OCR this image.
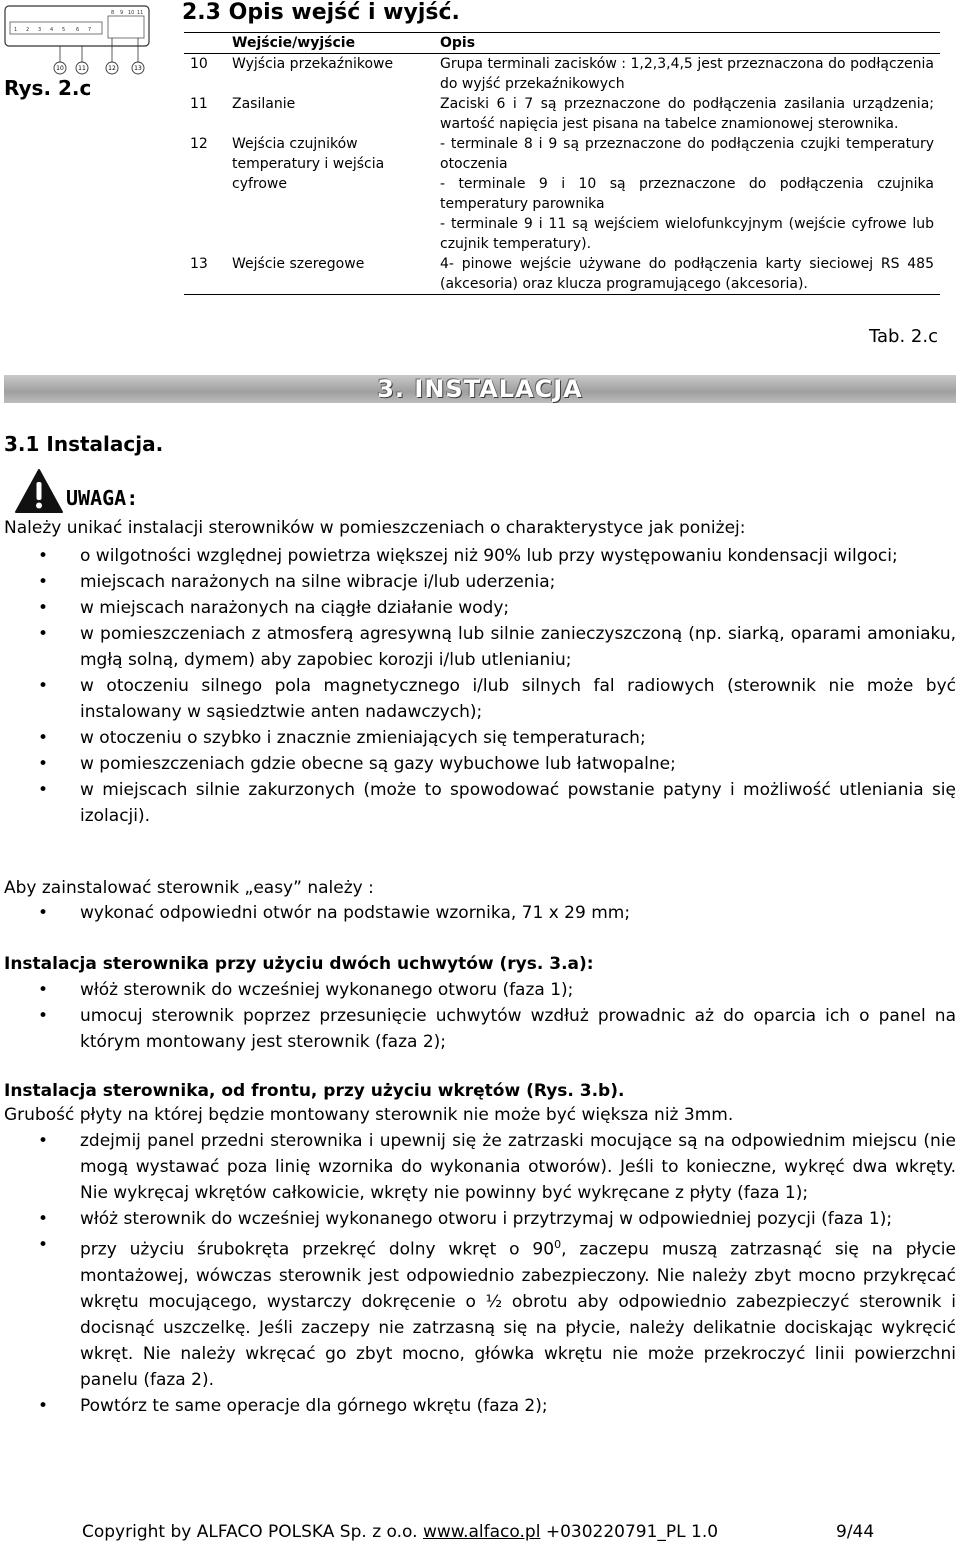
1 2 3 4 5 6 7
8 9 10 11
10 11	12	13
Rys. 2.c
2.3 Opis wejść i wyjść.
	Wejście/wyjście	Opis
10	Wyjścia przekaźnikowe	Grupa terminali zacisków : 1,2,3,4,5 jest przeznaczona do podłączenia do wyjść przekaźnikowych
11	Zasilanie	Zaciski 6 i 7 są przeznaczone do podłączenia zasilania urządzenia; wartość napięcia jest pisana na tabelce znamionowej sterownika.
12	Wejścia czujników temperatury i wejścia cyfrowe	- terminale 8 i 9 są przeznaczone do podłączenia czujki temperatury otoczenia
- terminale 9 i 10 są przeznaczone do podłączenia czujnika temperatury parownika
- terminale 9 i 11 są wejściem wielofunkcyjnym (wejście cyfrowe lub czujnik temperatury).

13	Wejście szeregowe	4- pinowe wejście używane do podłączenia karty sieciowej RS 485 (akcesoria) oraz klucza programującego (akcesoria).
Tab. 2.c
3. INSTALACJA
3.1 Instalacja.
UWAGA:
Należy unikać instalacji sterowników w pomieszczeniach o charakterystyce jak poniżej:
• o wilgotności względnej powietrza większej niż 90% lub przy występowaniu kondensacji wilgoci;
• miejscach narażonych na silne wibracje i/lub uderzenia;
• w miejscach narażonych na ciągłe działanie wody;
• w pomieszczeniach z atmosferą agresywną lub silnie zanieczyszczoną (np. siarką, oparami amoniaku, mgłą solną, dymem) aby zapobiec korozji i/lub utlenianiu;
• w otoczeniu silnego pola magnetycznego i/lub silnych fal radiowych (sterownik nie może być instalowany w sąsiedztwie anten nadawczych);
• w otoczeniu o szybko i znacznie zmieniających się temperaturach;
• w pomieszczeniach gdzie obecne są gazy wybuchowe lub łatwopalne;
• w miejscach silnie zakurzonych (może to spowodować powstanie patyny i możliwość utleniania się izolacji).
Aby zainstalować sterownik „easy” należy :
• wykonać odpowiedni otwór na podstawie wzornika, 71 x 29 mm;
Instalacja sterownika przy użyciu dwóch uchwytów (rys. 3.a):
• włóż sterownik do wcześniej wykonanego otworu (faza 1);
• umocuj sterownik poprzez przesunięcie uchwytów wzdłuż prowadnic aż do oparcia ich o panel na którym montowany jest sterownik (faza 2);
Instalacja sterownika, od frontu, przy użyciu wkrętów (Rys. 3.b).
Grubość płyty na której będzie montowany sterownik nie może być większa niż 3mm.
• zdejmij panel przedni sterownika i upewnij się że zatrzaski mocujące są na odpowiednim miejscu (nie mogą wystawać poza linię wzornika do wykonania otworów). Jeśli to konieczne, wykręć dwa wkręty. Nie wykręcaj wkrętów całkowicie, wkręty nie powinny być wykręcane z płyty (faza 1);
• włóż sterownik do wcześniej wykonanego otworu i przytrzymaj w odpowiedniej pozycji (faza 1);
• przy użyciu śrubokręta przekręć dolny wkręt o $90^0$, zaczepu muszą zatrzasnąć się na płycie montażowej, wówczas sterownik jest odpowiednio zabezpieczony. Nie należy zbyt mocno przykręcać wkrętu mocującego, wystarczy dokręcenie o ½ obrotu aby odpowiednio zabezpieczyć sterownik i docisnąć uszczelkę. Jeśli zaczepy nie zatrzasną się na płycie, należy delikatnie dociskając wykręcić wkręt. Nie należy wkręcać go zbyt mocno, główka wkrętu nie może przekroczyć linii powierzchni panelu (faza 2).
• Powtórz te same operacje dla górnego wkrętu (faza 2);
Copyright by ALFACO POLSKA Sp. z o.o. www.alfaco.pl +030220791_PL 1.0	9/44
